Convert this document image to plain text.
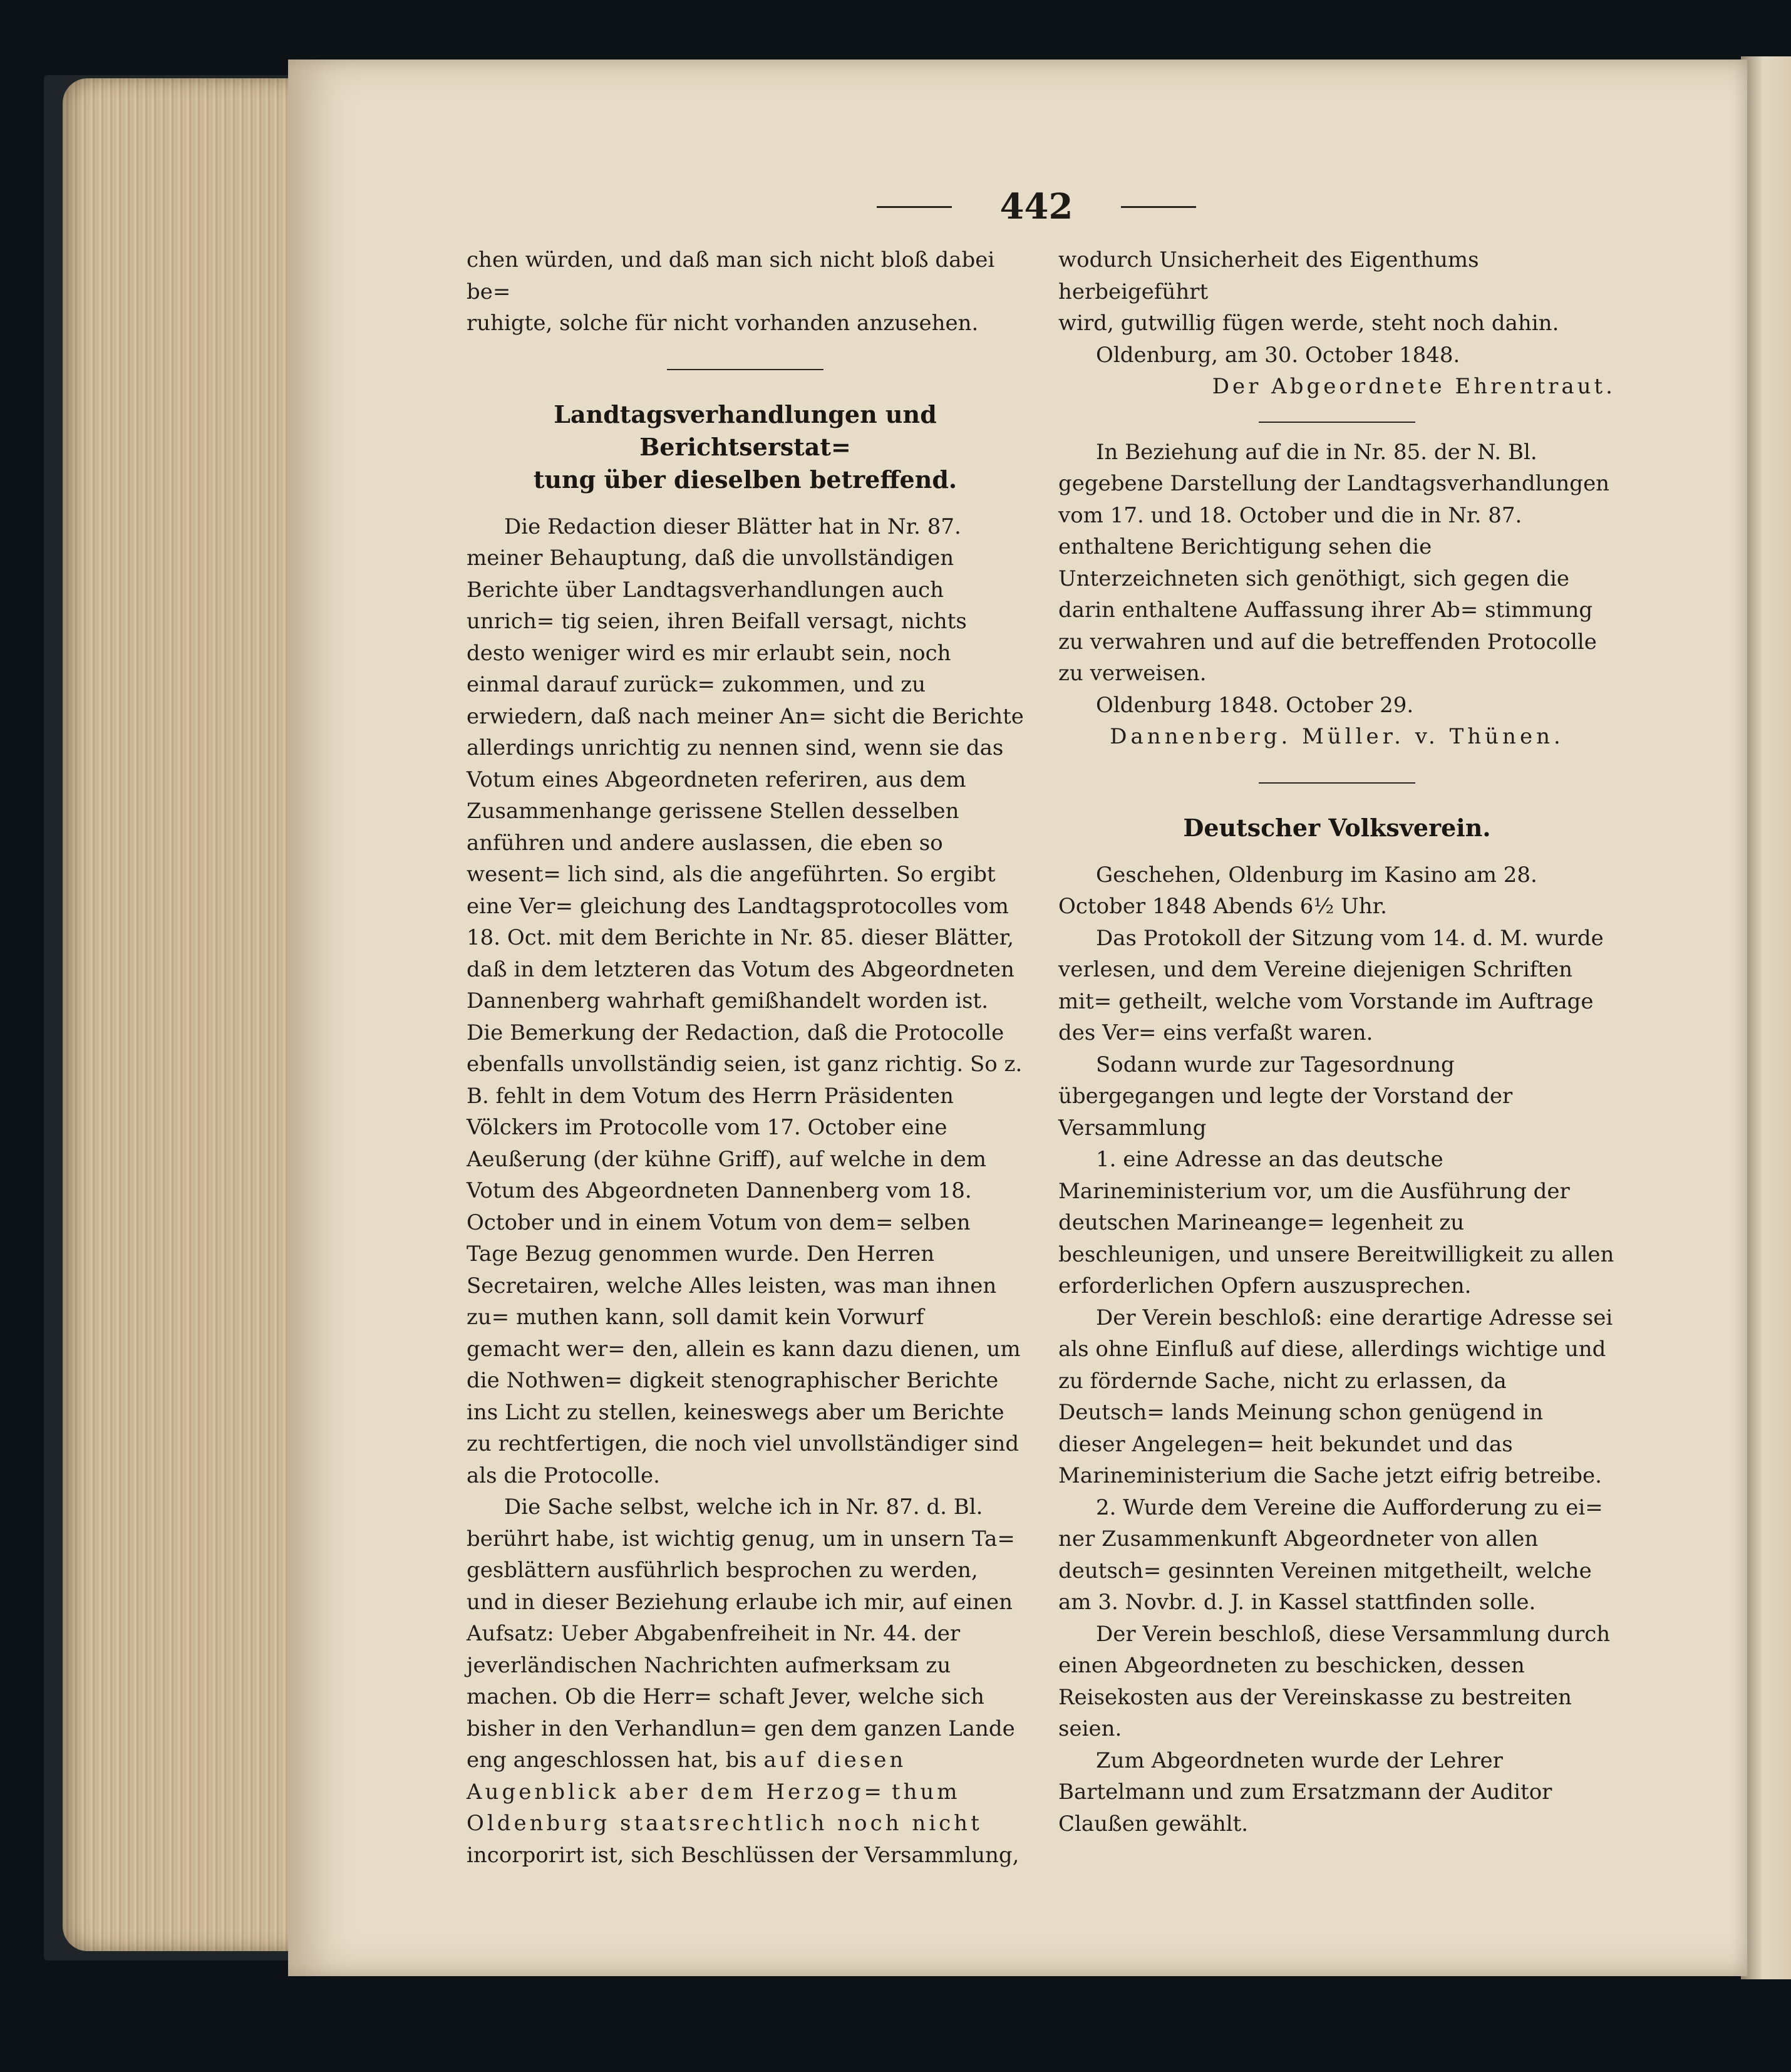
442

chen würden, und daß man sich nicht bloß dabei be=
ruhigte, solche für nicht vorhanden anzusehen.

Landtagsverhandlungen und Berichtserstat=
tung über dieselben betreffend.

Die Redaction dieser Blätter hat in Nr. 87. meiner Behauptung, daß die unvollständigen Berichte über Landtagsverhandlungen auch unrich= tig seien, ihren Beifall versagt, nichts desto weniger wird es mir erlaubt sein, noch einmal darauf zurück= zukommen, und zu erwiedern, daß nach meiner An= sicht die Berichte allerdings unrichtig zu nennen sind, wenn sie das Votum eines Abgeordneten referiren, aus dem Zusammenhange gerissene Stellen desselben anführen und andere auslassen, die eben so wesent= lich sind, als die angeführten. So ergibt eine Ver= gleichung des Landtagsprotocolles vom 18. Oct. mit dem Berichte in Nr. 85. dieser Blätter, daß in dem letzteren das Votum des Abgeordneten Dannenberg wahrhaft gemißhandelt worden ist. Die Bemerkung der Redaction, daß die Protocolle ebenfalls unvollständig seien, ist ganz richtig. So z. B. fehlt in dem Votum des Herrn Präsidenten Völckers im Protocolle vom 17. October eine Aeußerung (der kühne Griff), auf welche in dem Votum des Abgeordneten Dannenberg vom 18. October und in einem Votum von dem= selben Tage Bezug genommen wurde. Den Herren Secretairen, welche Alles leisten, was man ihnen zu= muthen kann, soll damit kein Vorwurf gemacht wer= den, allein es kann dazu dienen, um die Nothwen= digkeit stenographischer Berichte ins Licht zu stellen, keineswegs aber um Berichte zu rechtfertigen, die noch viel unvollständiger sind als die Protocolle.

Die Sache selbst, welche ich in Nr. 87. d. Bl. berührt habe, ist wichtig genug, um in unsern Ta= gesblättern ausführlich besprochen zu werden, und in dieser Beziehung erlaube ich mir, auf einen Aufsatz: Ueber Abgabenfreiheit in Nr. 44. der jeverländischen Nachrichten aufmerksam zu machen. Ob die Herr= schaft Jever, welche sich bisher in den Verhandlun= gen dem ganzen Lande eng angeschlossen hat, bis auf diesen Augenblick aber dem Herzog= thum Oldenburg staatsrechtlich noch nicht incorporirt ist, sich Beschlüssen der Versammlung,

wodurch Unsicherheit des Eigenthums herbeigeführt
wird, gutwillig fügen werde, steht noch dahin.

Oldenburg, am 30. October 1848.

Der Abgeordnete Ehrentraut.

In Beziehung auf die in Nr. 85. der N. Bl. gegebene Darstellung der Landtagsverhandlungen vom 17. und 18. October und die in Nr. 87. enthaltene Berichtigung sehen die Unterzeichneten sich genöthigt, sich gegen die darin enthaltene Auffassung ihrer Ab= stimmung zu verwahren und auf die betreffenden Protocolle zu verweisen.

Oldenburg 1848. October 29.

Dannenberg. Müller. v. Thünen.

Deutscher Volksverein.

Geschehen, Oldenburg im Kasino am 28. October 1848 Abends 6½ Uhr.

Das Protokoll der Sitzung vom 14. d. M. wurde verlesen, und dem Vereine diejenigen Schriften mit= getheilt, welche vom Vorstande im Auftrage des Ver= eins verfaßt waren.

Sodann wurde zur Tagesordnung übergegangen und legte der Vorstand der Versammlung

1. eine Adresse an das deutsche Marineministerium vor, um die Ausführung der deutschen Marineange= legenheit zu beschleunigen, und unsere Bereitwilligkeit zu allen erforderlichen Opfern auszusprechen.

Der Verein beschloß: eine derartige Adresse sei als ohne Einfluß auf diese, allerdings wichtige und zu fördernde Sache, nicht zu erlassen, da Deutsch= lands Meinung schon genügend in dieser Angelegen= heit bekundet und das Marineministerium die Sache jetzt eifrig betreibe.

2. Wurde dem Vereine die Aufforderung zu ei= ner Zusammenkunft Abgeordneter von allen deutsch= gesinnten Vereinen mitgetheilt, welche am 3. Novbr. d. J. in Kassel stattfinden solle.

Der Verein beschloß, diese Versammlung durch einen Abgeordneten zu beschicken, dessen Reisekosten aus der Vereinskasse zu bestreiten seien.

Zum Abgeordneten wurde der Lehrer Bartelmann und zum Ersatzmann der Auditor Claußen gewählt.
